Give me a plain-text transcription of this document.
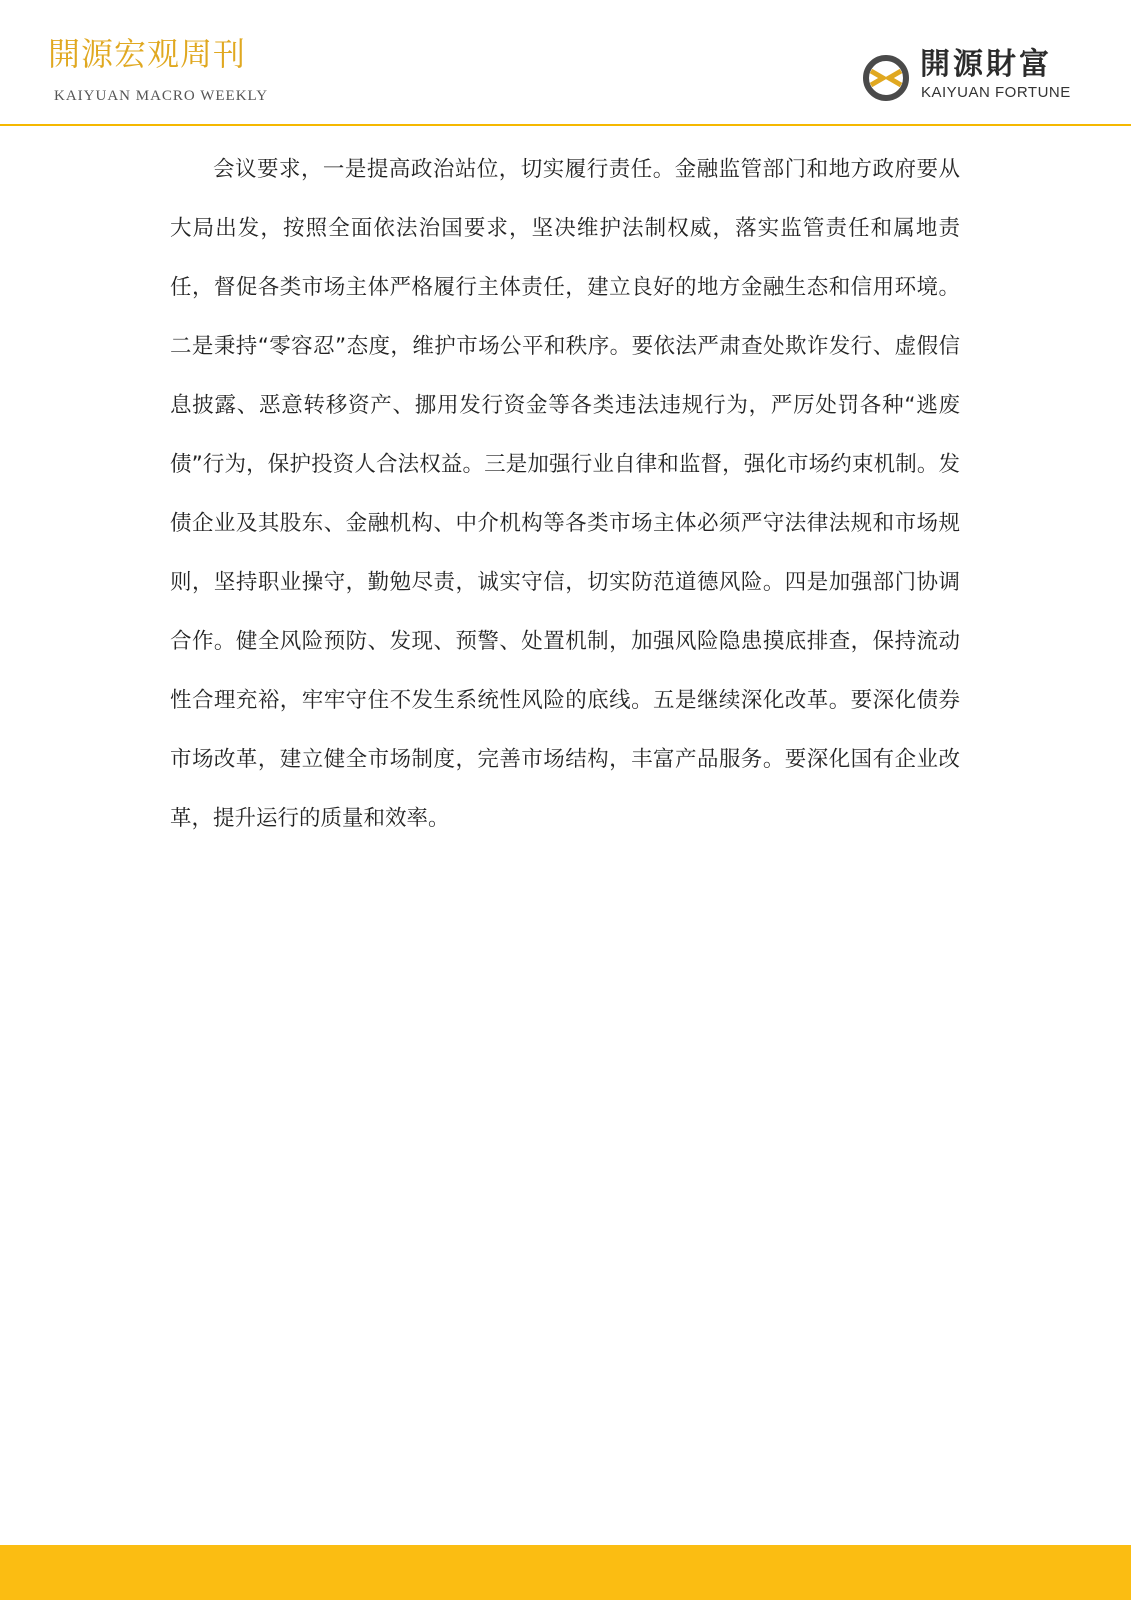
開源宏观周刊
KAIYUAN MACRO WEEKLY
開源財富
KAIYUAN FORTUNE

会议要求，一是提高政治站位，切实履行责任。金融监管部门和地方政府要从大局出发，按照全面依法治国要求，坚决维护法制权威，落实监管责任和属地责任，督促各类市场主体严格履行主体责任，建立良好的地方金融生态和信用环境。二是秉持“零容忍”态度，维护市场公平和秩序。要依法严肃查处欺诈发行、虚假信息披露、恶意转移资产、挪用发行资金等各类违法违规行为，严厉处罚各种“逃废债”行为，保护投资人合法权益。三是加强行业自律和监督，强化市场约束机制。发债企业及其股东、金融机构、中介机构等各类市场主体必须严守法律法规和市场规则，坚持职业操守，勤勉尽责，诚实守信，切实防范道德风险。四是加强部门协调合作。健全风险预防、发现、预警、处置机制，加强风险隐患摸底排查，保持流动性合理充裕，牢牢守住不发生系统性风险的底线。五是继续深化改革。要深化债券市场改革，建立健全市场制度，完善市场结构，丰富产品服务。要深化国有企业改革，提升运行的质量和效率。
